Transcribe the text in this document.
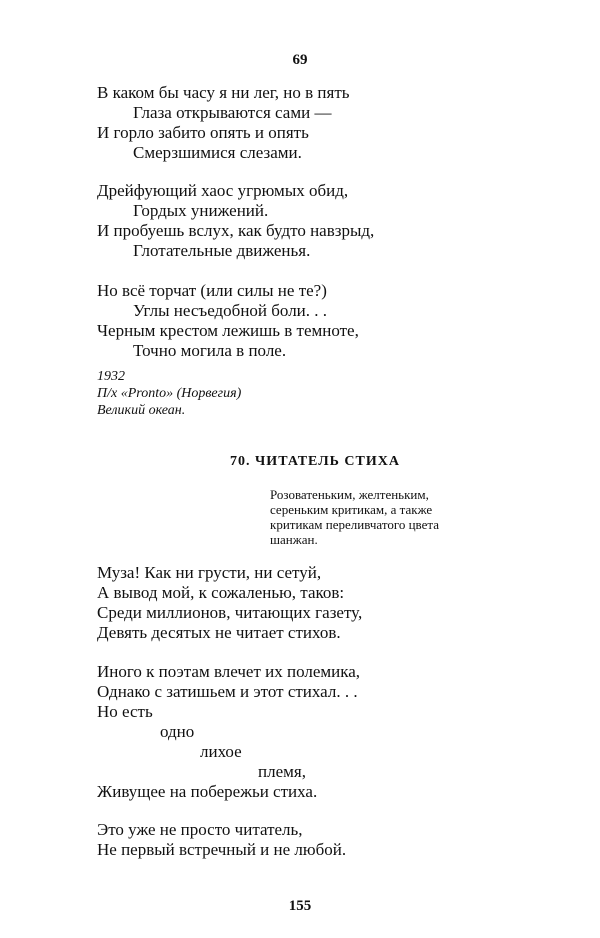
69
В каком бы часу я ни лег, но в пять
Глаза открываются сами —
И горло забито опять и опять
Смерзшимися слезами.
Дрейфующий хаос угрюмых обид,
Гордых унижений.
И пробуешь вслух, как будто навзрыд,
Глотательные движенья.
Но всё торчат (или силы не те?)
Углы несъедобной боли. . .
Черным крестом лежишь в темноте,
Точно могила в поле.
1932
П/х «Pronto» (Норвегия)
Великий океан.
70. ЧИТАТЕЛЬ СТИХА
Розоватеньким, желтеньким,
сереньким критикам, а также
критикам переливчатого цвета
шанжан.
Муза! Как ни грусти, ни сетуй,
А вывод мой, к сожаленью, таков:
Среди миллионов, читающих газету,
Девять десятых не читает стихов.
Иного к поэтам влечет их полемика,
Однако с затишьем и этот стихал. . .
Но есть
одно
лихое
племя,
Живущее на побережьи стиха.
Это уже не просто читатель,
Не первый встречный и не любой.
155
